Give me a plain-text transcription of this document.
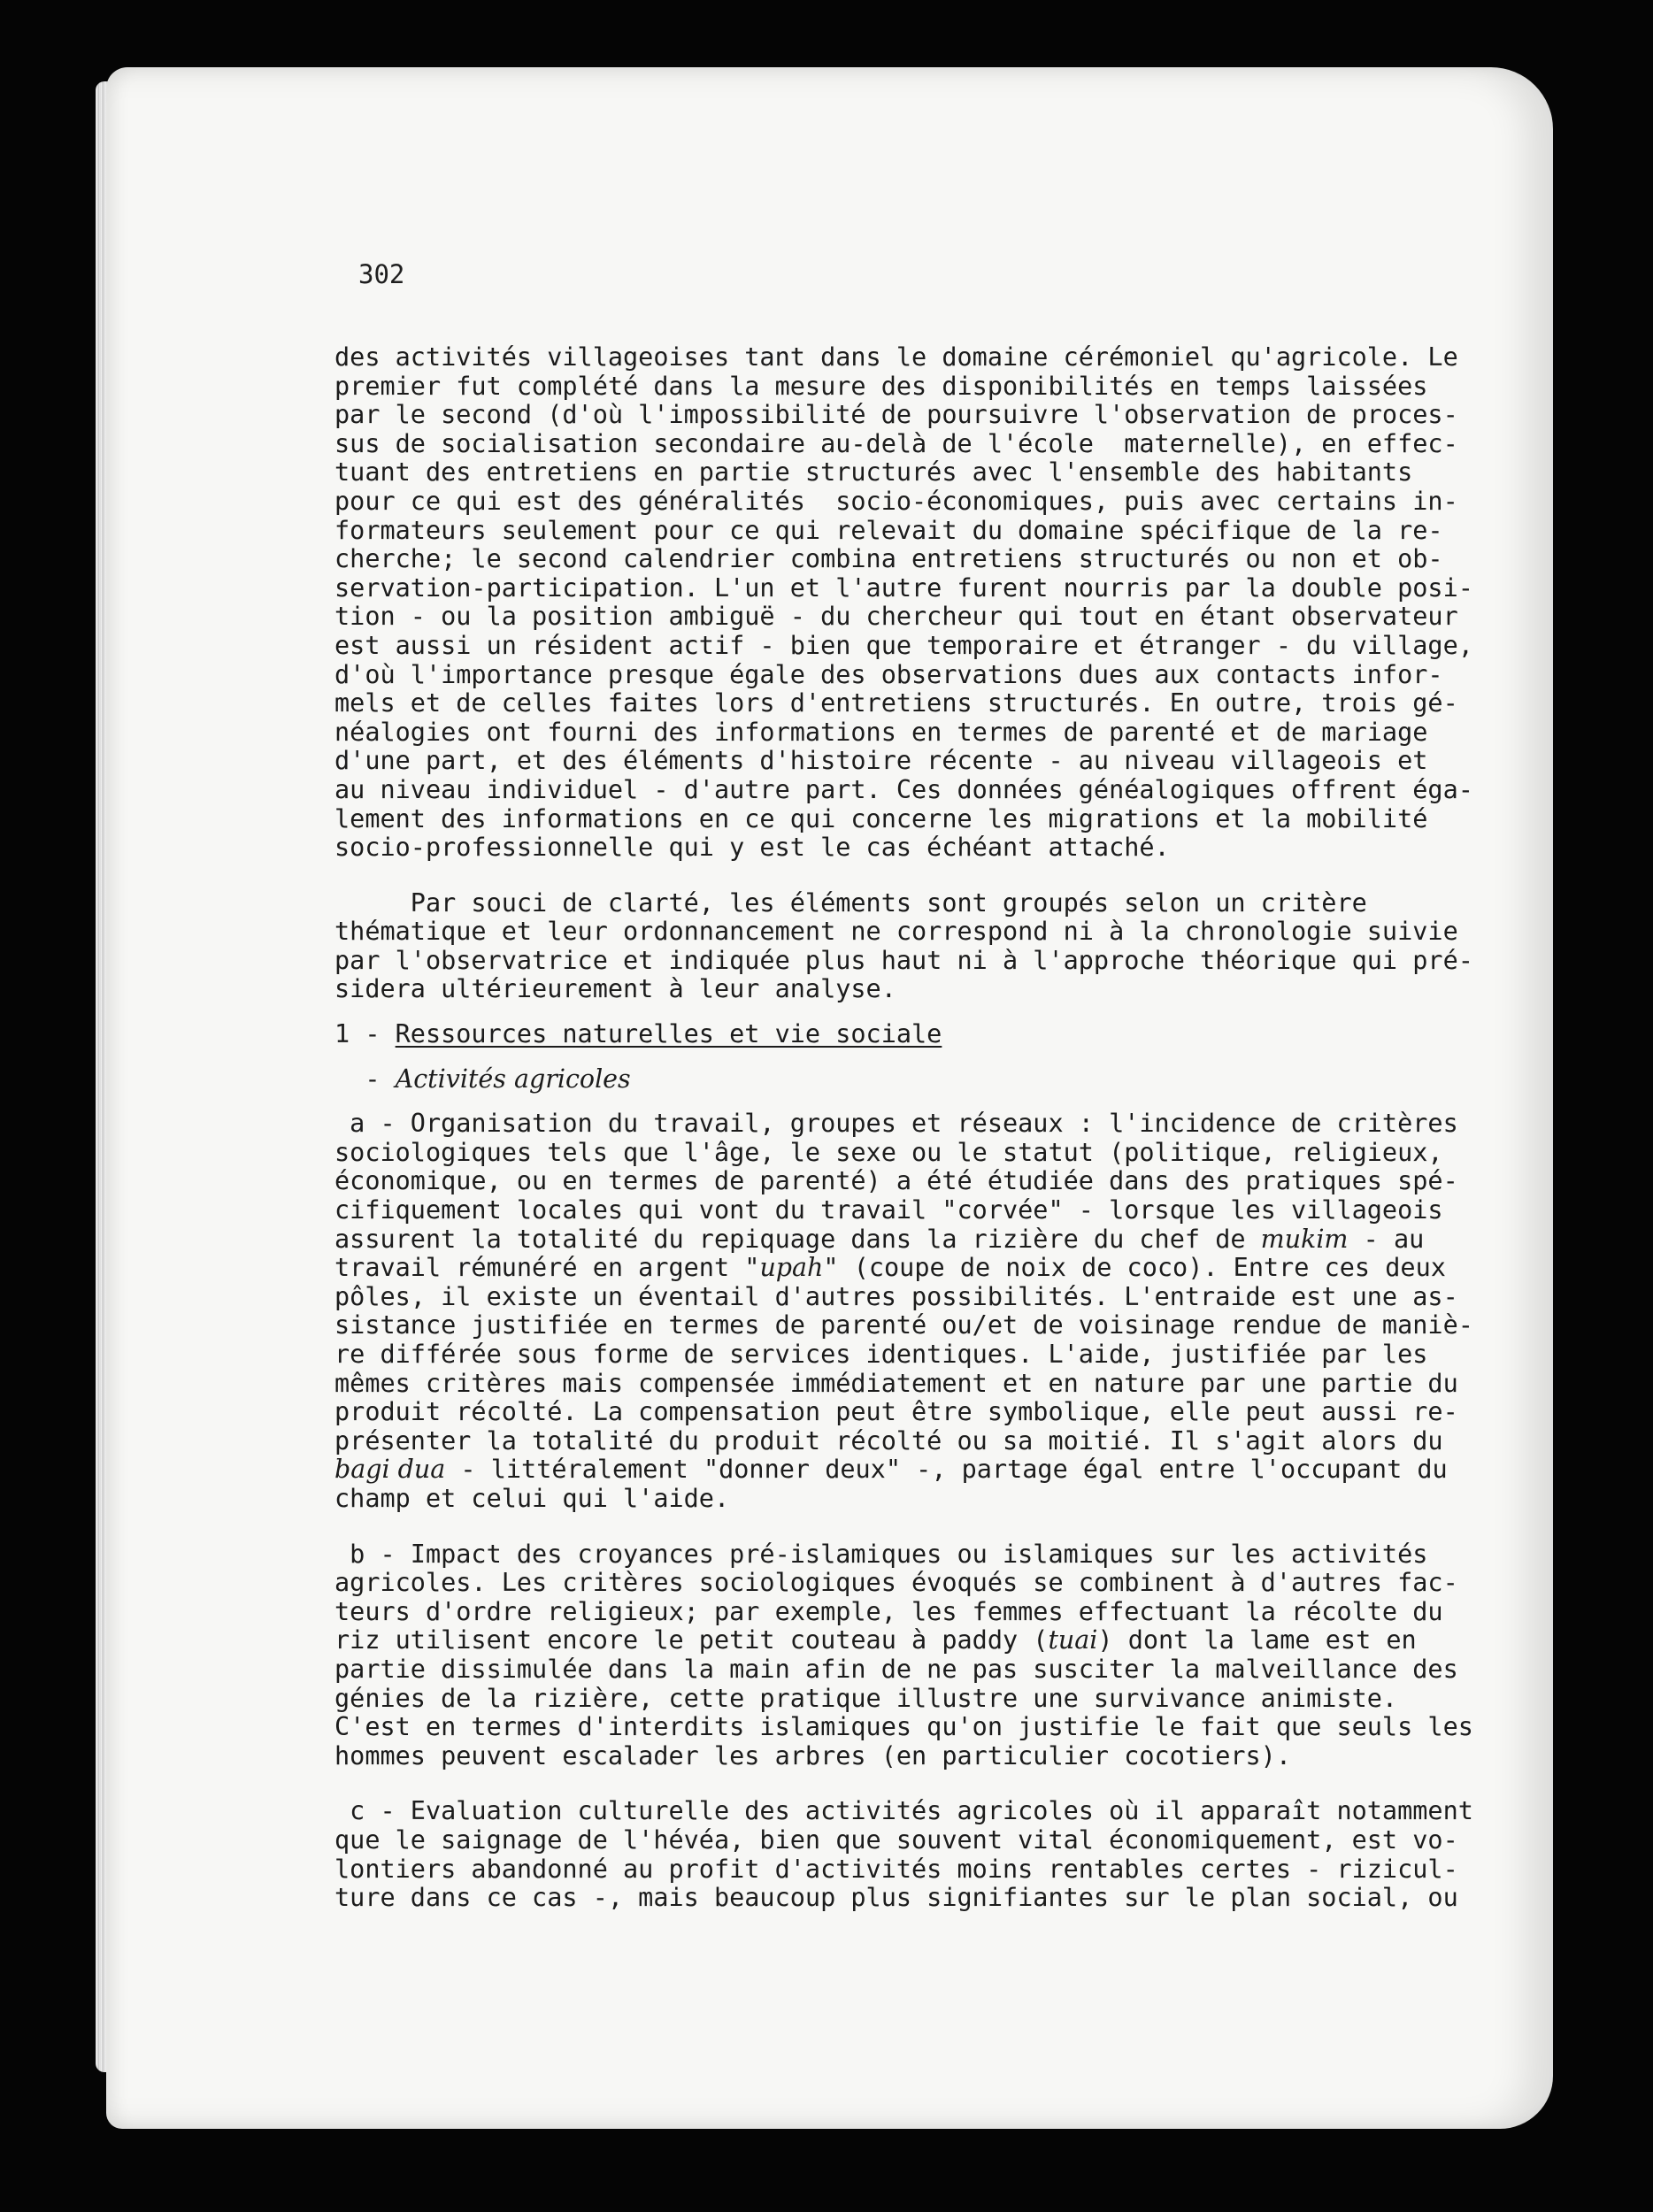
302
des activités villageoises tant dans le domaine cérémoniel qu'agricole. Le
premier fut complété dans la mesure des disponibilités en temps laissées
par le second (d'où l'impossibilité de poursuivre l'observation de proces-
sus de socialisation secondaire au-delà de l'école  maternelle), en effec-
tuant des entretiens en partie structurés avec l'ensemble des habitants
pour ce qui est des généralités  socio-économiques, puis avec certains in-
formateurs seulement pour ce qui relevait du domaine spécifique de la re-
cherche; le second calendrier combina entretiens structurés ou non et ob-
servation-participation. L'un et l'autre furent nourris par la double posi-
tion - ou la position ambiguë - du chercheur qui tout en étant observateur
est aussi un résident actif - bien que temporaire et étranger - du village,
d'où l'importance presque égale des observations dues aux contacts infor-
mels et de celles faites lors d'entretiens structurés. En outre, trois gé-
néalogies ont fourni des informations en termes de parenté et de mariage
d'une part, et des éléments d'histoire récente - au niveau villageois et
au niveau individuel - d'autre part. Ces données généalogiques offrent éga-
lement des informations en ce qui concerne les migrations et la mobilité
socio-professionnelle qui y est le cas échéant attaché.
Par souci de clarté, les éléments sont groupés selon un critère
thématique et leur ordonnancement ne correspond ni à la chronologie suivie
par l'observatrice et indiquée plus haut ni à l'approche théorique qui pré-
sidera ultérieurement à leur analyse.
1 - Ressources naturelles et vie sociale
- Activités agricoles
a - Organisation du travail, groupes et réseaux : l'incidence de critères
sociologiques tels que l'âge, le sexe ou le statut (politique, religieux,
économique, ou en termes de parenté) a été étudiée dans des pratiques spé-
cifiquement locales qui vont du travail "corvée" - lorsque les villageois
assurent la totalité du repiquage dans la rizière du chef de mukim - au
travail rémunéré en argent "upah" (coupe de noix de coco). Entre ces deux
pôles, il existe un éventail d'autres possibilités. L'entraide est une as-
sistance justifiée en termes de parenté ou/et de voisinage rendue de maniè-
re différée sous forme de services identiques. L'aide, justifiée par les
mêmes critères mais compensée immédiatement et en nature par une partie du
produit récolté. La compensation peut être symbolique, elle peut aussi re-
présenter la totalité du produit récolté ou sa moitié. Il s'agit alors du
bagi dua - littéralement "donner deux" -, partage égal entre l'occupant du
champ et celui qui l'aide.
b - Impact des croyances pré-islamiques ou islamiques sur les activités
agricoles. Les critères sociologiques évoqués se combinent à d'autres fac-
teurs d'ordre religieux; par exemple, les femmes effectuant la récolte du
riz utilisent encore le petit couteau à paddy (tuai) dont la lame est en
partie dissimulée dans la main afin de ne pas susciter la malveillance des
génies de la rizière, cette pratique illustre une survivance animiste.
C'est en termes d'interdits islamiques qu'on justifie le fait que seuls les
hommes peuvent escalader les arbres (en particulier cocotiers).
c - Evaluation culturelle des activités agricoles où il apparaît notamment
que le saignage de l'hévéa, bien que souvent vital économiquement, est vo-
lontiers abandonné au profit d'activités moins rentables certes - rizicul-
ture dans ce cas -, mais beaucoup plus signifiantes sur le plan social, ou
